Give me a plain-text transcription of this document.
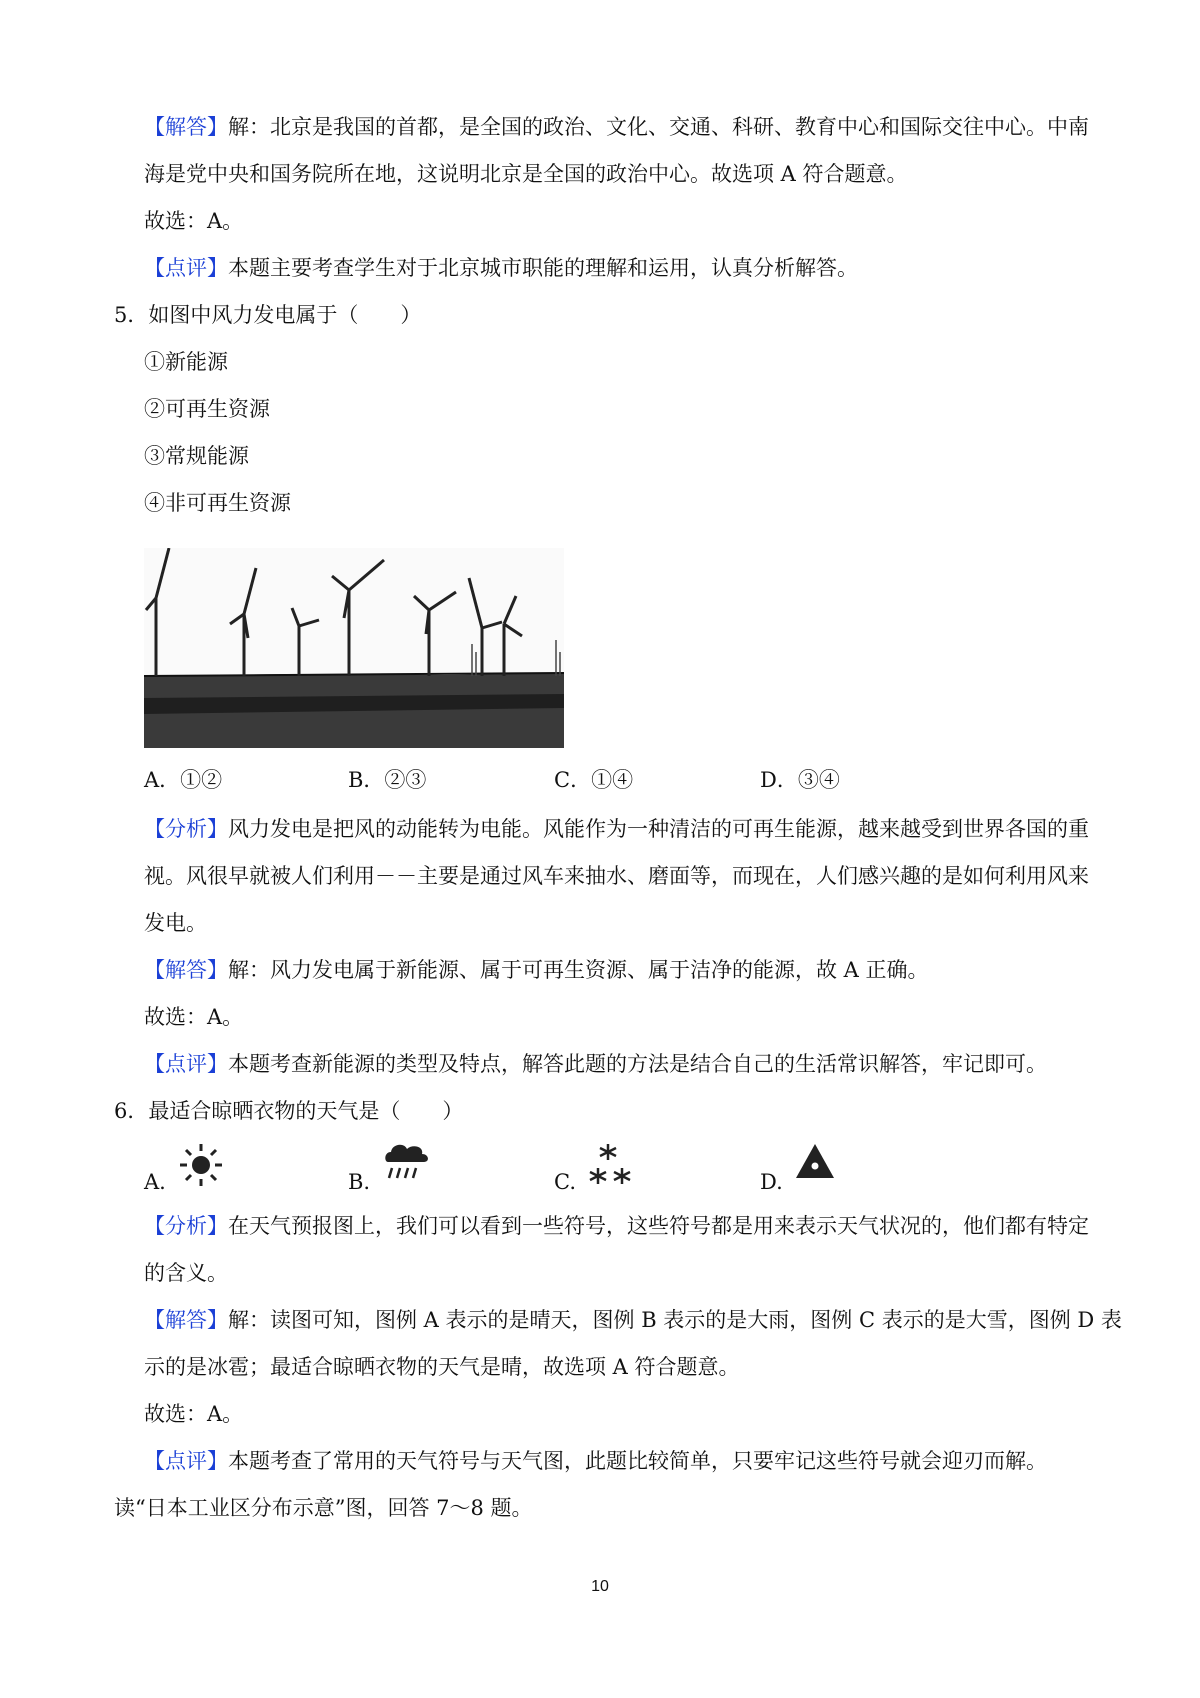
【解答】解：北京是我国的首都，是全国的政治、文化、交通、科研、教育中心和国际交往中心。中南
海是党中央和国务院所在地，这说明北京是全国的政治中心。故选项 A 符合题意。
故选：A。
【点评】本题主要考查学生对于北京城市职能的理解和运用，认真分析解答。
5．如图中风力发电属于（　　）
①新能源
②可再生资源
③常规能源
④非可再生资源
A．①②	B．②③	C．①④	D．③④
【分析】风力发电是把风的动能转为电能。风能作为一种清洁的可再生能源，越来越受到世界各国的重
视。风很早就被人们利用－－主要是通过风车来抽水、磨面等，而现在，人们感兴趣的是如何利用风来
发电。
【解答】解：风力发电属于新能源、属于可再生资源、属于洁净的能源，故 A 正确。
故选：A。
【点评】本题考查新能源的类型及特点，解答此题的方法是结合自己的生活常识解答，牢记即可。
6．最适合晾晒衣物的天气是（　　）
A.	B.	C.	D.
【分析】在天气预报图上，我们可以看到一些符号，这些符号都是用来表示天气状况的，他们都有特定
的含义。
【解答】解：读图可知，图例 A 表示的是晴天，图例 B 表示的是大雨，图例 C 表示的是大雪，图例 D 表
示的是冰雹；最适合晾晒衣物的天气是晴，故选项 A 符合题意。
故选：A。
【点评】本题考查了常用的天气符号与天气图，此题比较简单，只要牢记这些符号就会迎刃而解。
读“日本工业区分布示意”图，回答 7～8 题。
10
